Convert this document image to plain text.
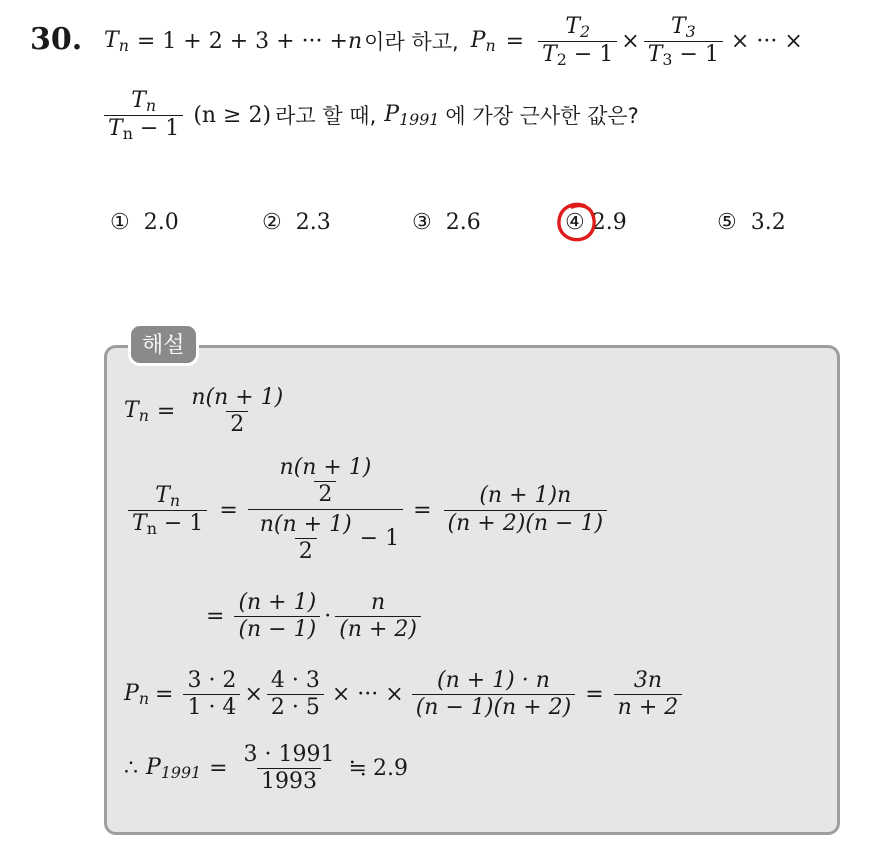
30. $T_n = 1 + 2 + 3$ + ··· + n 이라 하고, $P_n = \frac{T_2}{T_2 - 1} \times \frac{T_3}{T_3 - 1}$ × ··· ×
$\frac{T_n}{T_n - 1} (n \ge 2)$ 라고 할 때, $P_{1991}$ 에 가장 근사한 값은?
① 2.0	② 2.3	③ 2.6	④ 2.9	⑤ 3.2
해설
$T_n = \frac{n(n + 1)}{2}$
$\frac{T_n}{T_n - 1} = \frac{\frac{n(n + 1)}{2}}{\frac{n(n + 1)}{2} - 1} = \frac{(n + 1)n}{(n + 2)(n - 1)}$
= $\frac{(n + 1)}{(n - 1)} \cdot \frac{n}{(n + 2)}$
$P_n = \frac{3 \cdot 2}{1 \cdot 4} \times \frac{4 \cdot 3}{2 \cdot 5}$ × ··· × $\frac{(n + 1) \cdot n}{(n - 1)(n + 2)} = \frac{3n}{n + 2}$
∴ $P_{1991} = \frac{3 \cdot 1991}{1993}$ ≒ 2.9
